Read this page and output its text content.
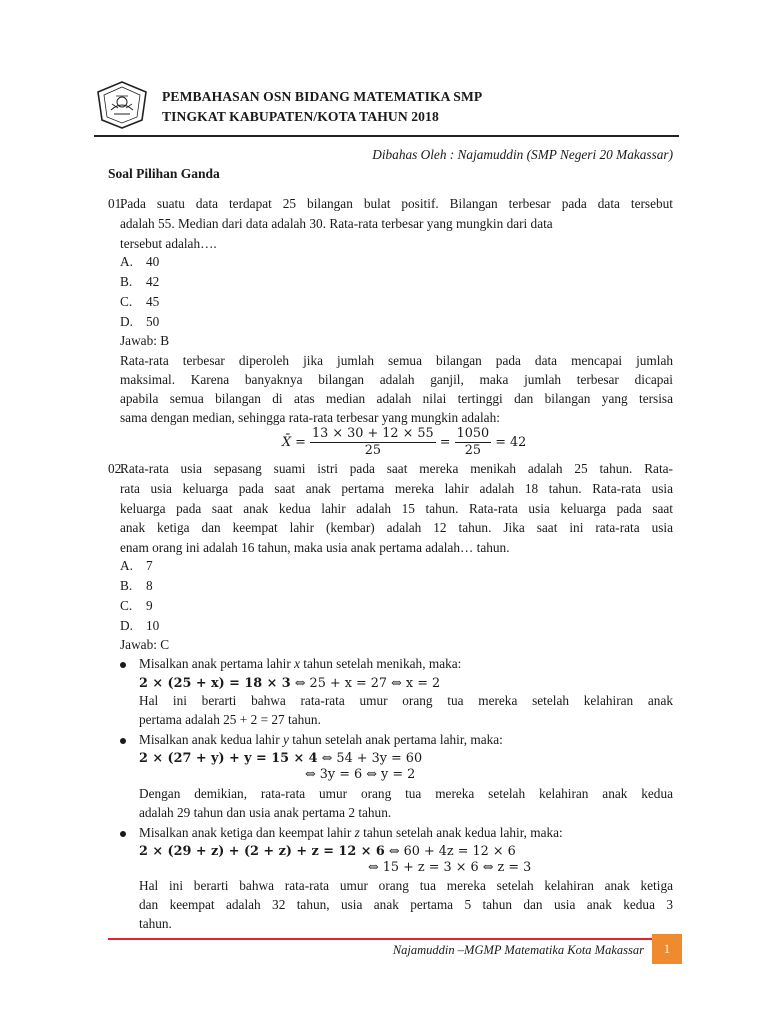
PEMBAHASAN OSN BIDANG MATEMATIKA SMP
TINGKAT KABUPATEN/KOTA TAHUN 2018
Dibahas Oleh : Najamuddin (SMP Negeri 20 Makassar)
Soal Pilihan Ganda
01.
Pada suatu data terdapat 25 bilangan bulat positif. Bilangan terbesar pada data tersebut
adalah 55. Median dari data adalah 30. Rata-rata terbesar yang mungkin dari data
tersebut adalah….
A. 40
B. 42
C. 45
D. 50
Jawab: B
Rata-rata terbesar diperoleh jika jumlah semua bilangan pada data mencapai jumlah
maksimal. Karena banyaknya bilangan adalah ganjil, maka jumlah terbesar dicapai
apabila semua bilangan di atas median adalah nilai tertinggi dan bilangan yang tersisa
sama dengan median, sehingga rata-rata terbesar yang mungkin adalah:
X̄ = $\frac{13 \times 30 + 12 \times 55}{25} = \frac{1050}{25} = 42$
02.
Rata-rata usia sepasang suami istri pada saat mereka menikah adalah 25 tahun. Rata-
rata usia keluarga pada saat anak pertama mereka lahir adalah 18 tahun. Rata-rata usia
keluarga pada saat anak kedua lahir adalah 15 tahun. Rata-rata usia keluarga pada saat
anak ketiga dan keempat lahir (kembar) adalah 12 tahun. Jika saat ini rata-rata usia
enam orang ini adalah 16 tahun, maka usia anak pertama adalah… tahun.
A. 7
B. 8
C. 9
D. 10
Jawab: C
Misalkan anak pertama lahir x tahun setelah menikah, maka:
2 × (25 + x) = 18 × 3 ⇔ 25 + x = 27 ⇔ x = 2
Hal ini berarti bahwa rata-rata umur orang tua mereka setelah kelahiran anak
pertama adalah 25 + 2 = 27 tahun.
Misalkan anak kedua lahir y tahun setelah anak pertama lahir, maka:
2 × (27 + y) + y = 15 × 4 ⇔ 54 + 3y = 60
⇔ 3y = 6 ⇔ y = 2
Dengan demikian, rata-rata umur orang tua mereka setelah kelahiran anak kedua
adalah 29 tahun dan usia anak pertama 2 tahun.
Misalkan anak ketiga dan keempat lahir z tahun setelah anak kedua lahir, maka:
2 × (29 + z) + (2 + z) + z = 12 × 6 ⇔ 60 + 4z = 12 × 6
⇔ 15 + z = 3 × 6 ⇔ z = 3
Hal ini berarti bahwa rata-rata umur orang tua mereka setelah kelahiran anak ketiga
dan keempat adalah 32 tahun, usia anak pertama 5 tahun dan usia anak kedua 3
tahun.
Najamuddin –MGMP Matematika Kota Makassar	1
